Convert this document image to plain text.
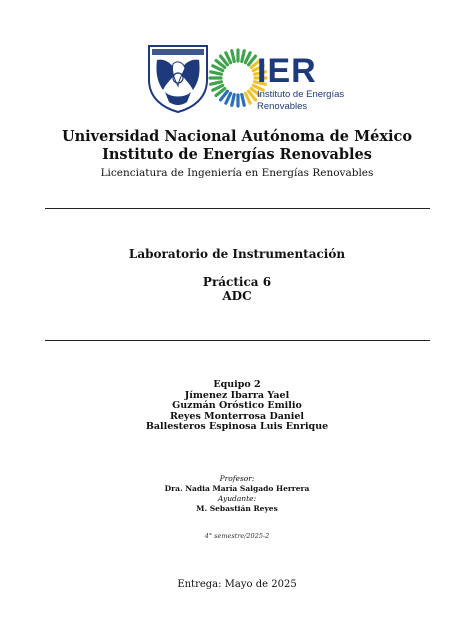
IER
Instituto de Energías
Renovables
Universidad Nacional Autónoma de México
Instituto de Energías Renovables
Licenciatura de Ingeniería en Energías Renovables
Laboratorio de Instrumentación
Práctica 6
ADC
Equipo 2
Jímenez Ibarra Yael
Guzmán Oróstico Emilio
Reyes Monterrosa Daniel
Ballesteros Espinosa Luis Enrique
Profesor:
Dra. Nadia María Salgado Herrera
Ayudante:
M. Sebastián Reyes
4° semestre/2025-2
Entrega: Mayo de 2025
